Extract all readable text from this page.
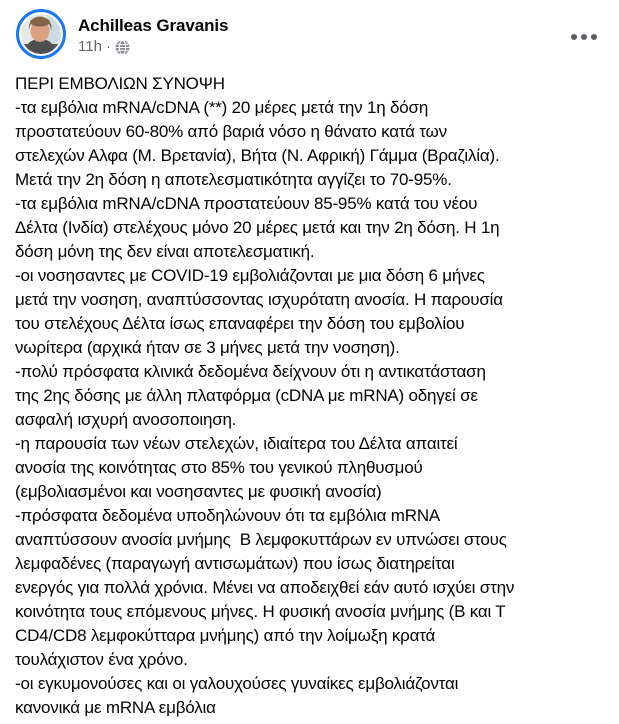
Achilleas Gravanis
11h ·
ΠΕΡΙ ΕΜΒΟΛΙΩΝ ΣΥΝΟΨΗ
-τα εμβόλια mRNA/cDNA (**) 20 μέρες μετά την 1η δόση
προστατεύουν 60-80% από βαριά νόσο η θάνατο κατά των
στελεχών Αλφα (Μ. Βρετανία), Βήτα (Ν. Αφρική) Γάμμα (Βραζιλία).
Μετά την 2η δόση η αποτελεσματικότητα αγγίζει το 70-95%.
-τα εμβόλια mRNA/cDNA προστατεύουν 85-95% κατά του νέου
Δέλτα (Ινδία) στελέχους μόνο 20 μέρες μετά και την 2η δόση. Η 1η
δόση μόνη της δεν είναι αποτελεσματική.
-οι νοσησαντες με COVID-19 εμβολιάζονται με μια δόση 6 μήνες
μετά την νοσηση, αναπτύσσοντας ισχυρότατη ανοσία. Η παρουσία
του στελέχους Δέλτα ίσως επαναφέρει την δόση του εμβολίου
νωρίτερα (αρχικά ήταν σε 3 μήνες μετά την νοσηση).
-πολύ πρόσφατα κλινικά δεδομένα δείχνουν ότι η αντικατάσταση
της 2ης δόσης με άλλη πλατφόρμα (cDNA με mRNA) οδηγεί σε
ασφαλή ισχυρή ανοσοποιηση.
-η παρουσία των νέων στελεχών, ιδιαίτερα του Δέλτα απαιτεί
ανοσία της κοινότητας στο 85% του γενικού πληθυσμού
(εμβολιασμένοι και νοσησαντες με φυσική ανοσία)
-πρόσφατα δεδομένα υποδηλώνουν ότι τα εμβόλια mRNA
αναπτύσσουν ανοσία μνήμης  Β λεμφοκυττάρων εν υπνώσει στους
λεμφαδένες (παραγωγή αντισωμάτων) που ίσως διατηρείται
ενεργός για πολλά χρόνια. Μένει να αποδειχθεί εάν αυτό ισχύει στην
κοινότητα τους επόμενους μήνες. Η φυσική ανοσία μνήμης (Β και Τ
CD4/CD8 λεμφοκύτταρα μνήμης) από την λοίμωξη κρατά
τουλάχιστον ένα χρόνο.
-οι εγκυμονούσες και οι γαλουχούσες γυναίκες εμβολιάζονται
κανονικά με mRNA εμβόλια
